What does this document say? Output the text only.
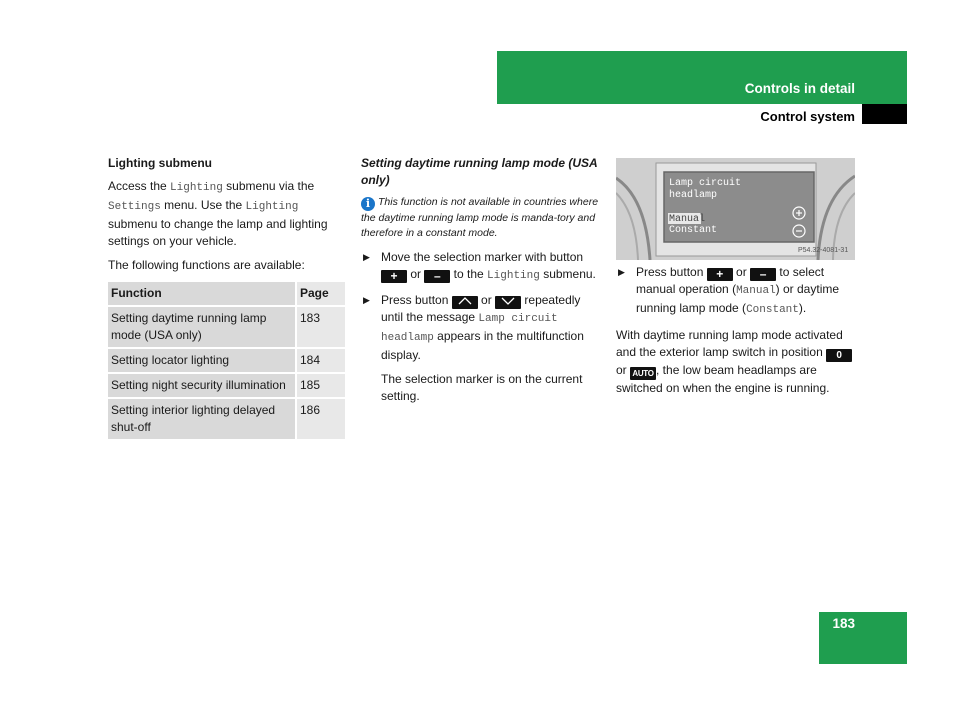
Controls in detail
Control system
Lighting submenu

Access the Lighting submenu via the Settings menu. Use the Lighting submenu to change the lamp and lighting settings on your vehicle.

The following functions are available:

Function	Page
Setting daytime running lamp mode (USA only)	183
Setting locator lighting	184
Setting night security illumination	185
Setting interior lighting delayed shut-off	186
Setting daytime running lamp mode (USA only)

i This function is not available in countries where the daytime running lamp mode is manda-tory and therefore in a constant mode.

▶ Move the selection marker with button + or – to the Lighting submenu.
▶ Press button  or  repeatedly until the message Lamp circuit headlamp appears in the multifunction display.

The selection marker is on the current setting.

Lamp circuit
headlamp
Manual
Constant
P54.32-4081-31
▶ Press button + or – to select manual operation (Manual) or daytime running lamp mode (Constant).

With daytime running lamp mode activated and the exterior lamp switch in position 0 or AUTO , the low beam headlamps are switched on when the engine is running.

183
